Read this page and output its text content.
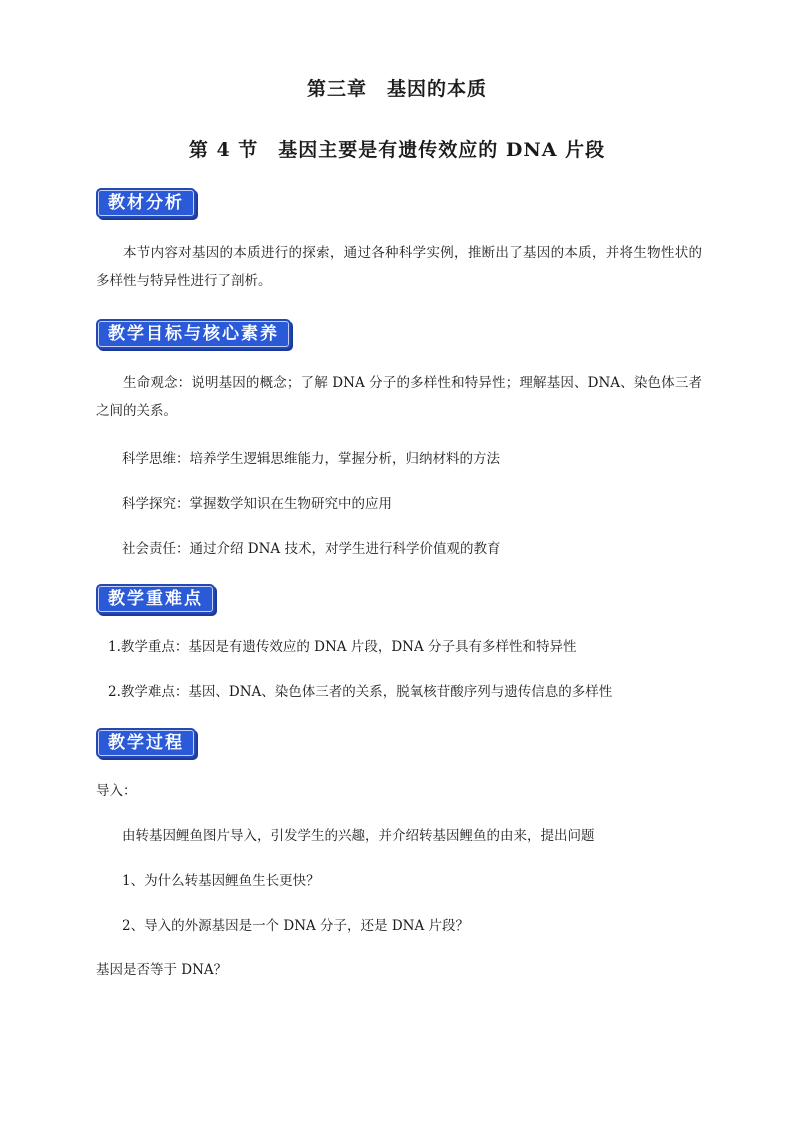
第三章　基因的本质
第 4 节　基因主要是有遗传效应的 DNA 片段
教材分析

本节内容对基因的本质进行的探索，通过各种科学实例，推断出了基因的本质，并将生物性状的多样性与特异性进行了剖析。

教学目标与核心素养

生命观念：说明基因的概念；了解 DNA 分子的多样性和特异性；理解基因、DNA、染色体三者之间的关系。

科学思维：培养学生逻辑思维能力，掌握分析，归纳材料的方法
科学探究：掌握数学知识在生物研究中的应用
社会责任：通过介绍 DNA 技术，对学生进行科学价值观的教育
教学重难点
1.教学重点：基因是有遗传效应的 DNA 片段，DNA 分子具有多样性和特异性
2.教学难点：基因、DNA、染色体三者的关系，脱氧核苷酸序列与遗传信息的多样性
教学过程
导入：
由转基因鲤鱼图片导入，引发学生的兴趣，并介绍转基因鲤鱼的由来，提出问题
1、为什么转基因鲤鱼生长更快？
2、导入的外源基因是一个 DNA 分子，还是 DNA 片段？
基因是否等于 DNA？
